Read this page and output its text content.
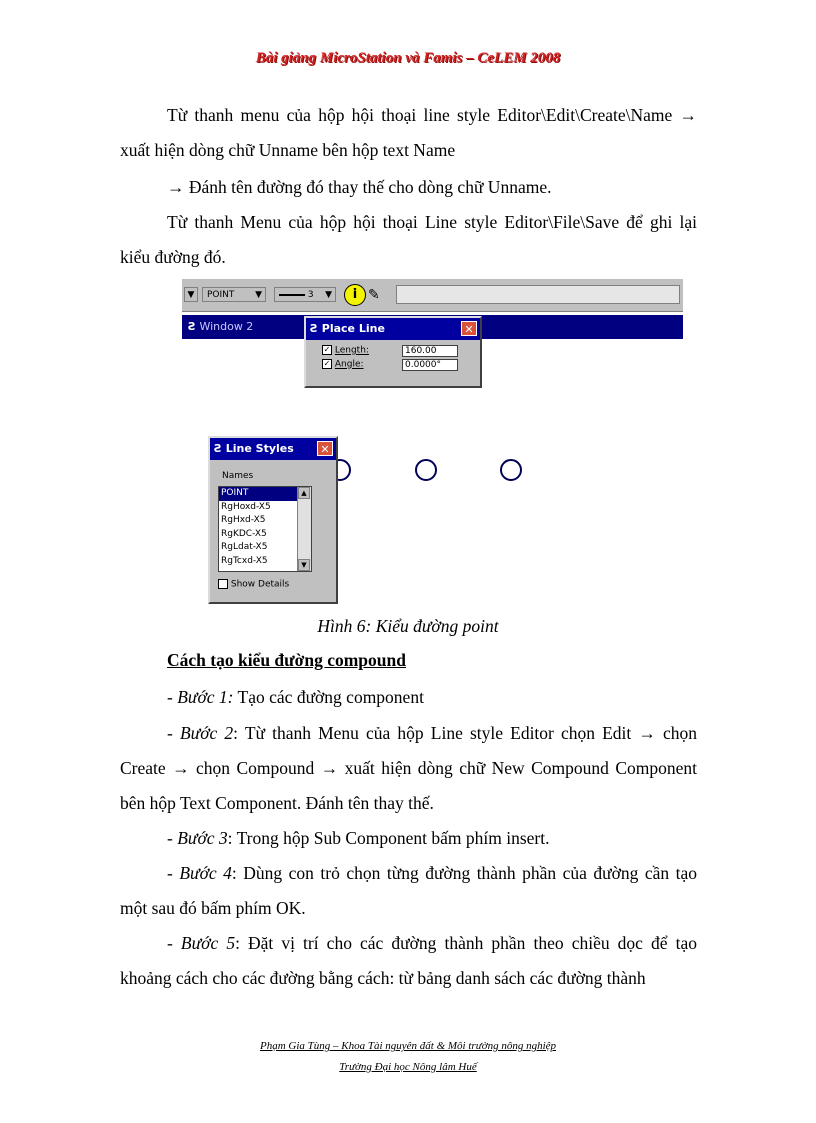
Bài giảng MicroStation và Famis – CeLEM 2008
Từ thanh menu của hộp hội thoại line style Editor\Edit\Create\Name → xuất hiện dòng chữ Unname bên hộp text Name
→ Đánh tên đường đó thay thế cho dòng chữ Unname.
Từ thanh Menu của hộp hội thoại Line style Editor\File\Save để ghi lại kiểu đường đó.
▼	POINT ▼	3 ▼	i ✎
Ƨ Window 2	Ƨ Place Line	✕
✓ Length:	160.00
✓ Angle:	0.0000°
Ƨ Line Styles	✕
Names
POINT
RgHoxd-X5
RgHxd-X5
RgKDC-X5
RgLdat-X5
RgTcxd-X5
▲
▼
Show Details
Hình 6: Kiểu đường point
Cách tạo kiểu đường compound
- Bước 1: Tạo các đường component
- Bước 2: Từ thanh Menu của hộp Line style Editor chọn Edit → chọn Create → chọn Compound → xuất hiện dòng chữ New Compound Component bên hộp Text Component. Đánh tên thay thế.
- Bước 3: Trong hộp Sub Component bấm phím insert.
- Bước 4: Dùng con trỏ chọn từng đường thành phần của đường cần tạo một sau đó bấm phím OK.
- Bước 5: Đặt vị trí cho các đường thành phần theo chiều dọc để tạo khoảng cách cho các đường bằng cách: từ bảng danh sách các đường thành
Phạm Gia Tùng – Khoa Tài nguyên đất & Môi trường nông nghiệp
Trường Đại học Nông lâm Huế
